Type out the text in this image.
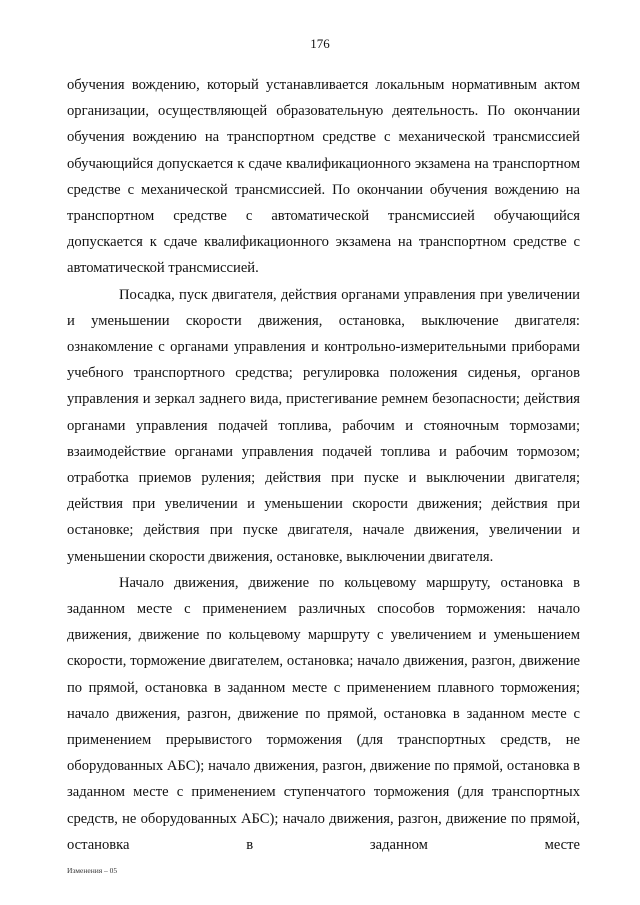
176

обучения вождению, который устанавливается локальным нормативным актом организации, осуществляющей образовательную деятельность. По окончании обучения вождению на транспортном средстве с механической трансмиссией обучающийся допускается к сдаче квалификационного экзамена на транспортном средстве с механической трансмиссией. По окончании обучения вождению на транспортном средстве с автоматической трансмиссией обучающийся допускается к сдаче квалификационного экзамена на транспортном средстве с автоматической трансмиссией.

Посадка, пуск двигателя, действия органами управления при увеличении и уменьшении скорости движения, остановка, выключение двигателя: ознакомление с органами управления и контрольно-измерительными приборами учебного транспортного средства; регулировка положения сиденья, органов управления и зеркал заднего вида, пристегивание ремнем безопасности; действия органами управления подачей топлива, рабочим и стояночным тормозами; взаимодействие органами управления подачей топлива и рабочим тормозом; отработка приемов руления; действия при пуске и выключении двигателя; действия при увеличении и уменьшении скорости движения; действия при остановке; действия при пуске двигателя, начале движения, увеличении и уменьшении скорости движения, остановке, выключении двигателя.

Начало движения, движение по кольцевому маршруту, остановка в заданном месте с применением различных способов торможения: начало движения, движение по кольцевому маршруту с увеличением и уменьшением скорости, торможение двигателем, остановка; начало движения, разгон, движение по прямой, остановка в заданном месте с применением плавного торможения; начало движения, разгон, движение по прямой, остановка в заданном месте с применением прерывистого торможения (для транспортных средств, не оборудованных АБС); начало движения, разгон, движение по прямой, остановка в заданном месте с применением ступенчатого торможения (для транспортных средств, не оборудованных АБС); начало движения, разгон, движение по прямой, остановка в заданном месте

Изменения – 05
